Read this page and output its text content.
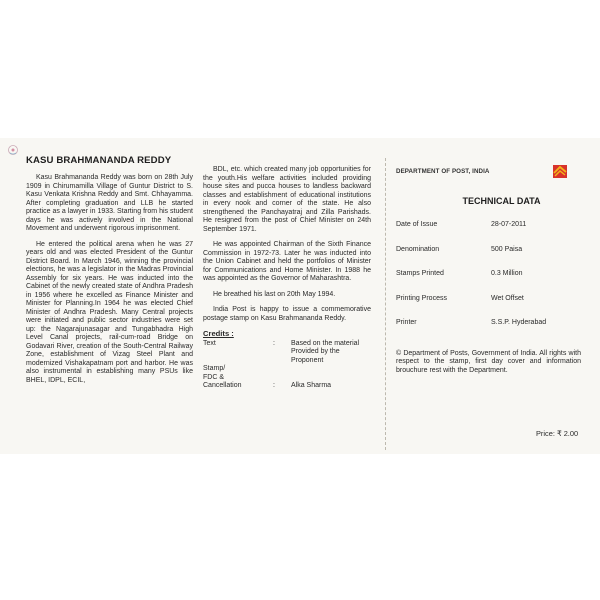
KASU BRAHMANANDA REDDY

Kasu Brahmananda Reddy was born on 28th July 1909 in Chirumamilla Village of Guntur District to S. Kasu Venkata Krishna Reddy and Smt. Chhayamma. After completing graduation and LLB he started practice as a lawyer in 1933. Starting from his student days he was actively involved in the National Movement and underwent rigorous imprisonment.

He entered the political arena when he was 27 years old and was elected President of the Guntur District Board. In March 1946, winning the provincial elections, he was a legislator in the Madras Provincial Assembly for six years. He was inducted into the Cabinet of the newly created state of Andhra Pradesh in 1956 where he excelled as Finance Minister and Minister for Planning.In 1964 he was elected Chief Minister of Andhra Pradesh. Many Central projects were initiated and public sector industries were set up: the Nagarajunasagar and Tungabhadra High Level Canal projects, rail-cum-road Bridge on Godavari River, creation of the South-Central Railway Zone, establishment of Vizag Steel Plant and modernized Vishakapatnam port and harbor. He was also instrumental in establishing many PSUs like BHEL, IDPL, ECIL,

BDL, etc. which created many job opportunities for the youth.His welfare activities included providing house sites and pucca houses to landless backward classes and establishment of educational institutions in every nook and corner of the state. He also strengthened the Panchayatraj and Zilla Parishads. He resigned from the post of Chief Minister on 24th September 1971.

He was appointed Chairman of the Sixth Finance Commission in 1972-73. Later he was inducted into the Union Cabinet and held the portfolios of Minister for Communications and Home Minister. In 1988 he was appointed as the Governor of Maharashtra.

He breathed his last on 20th May 1994.

India Post is happy to issue a commemorative postage stamp on Kasu Brahmananda Reddy.

Credits :
Text	:	Based on the material Provided by the Proponent
Stamp/
FDC &
Cancellation	:	Alka Sharma
DEPARTMENT OF POST, INDIA
TECHNICAL DATA
Date of Issue	28-07-2011
Denomination	500 Paisa
Stamps Printed	0.3 Million
Printing Process	Wet Offset
Printer	S.S.P. Hyderabad
© Department of Posts, Government of India. All rights with respect to the stamp, first day cover and information brouchure rest with the Department.
Price: ₹ 2.00
